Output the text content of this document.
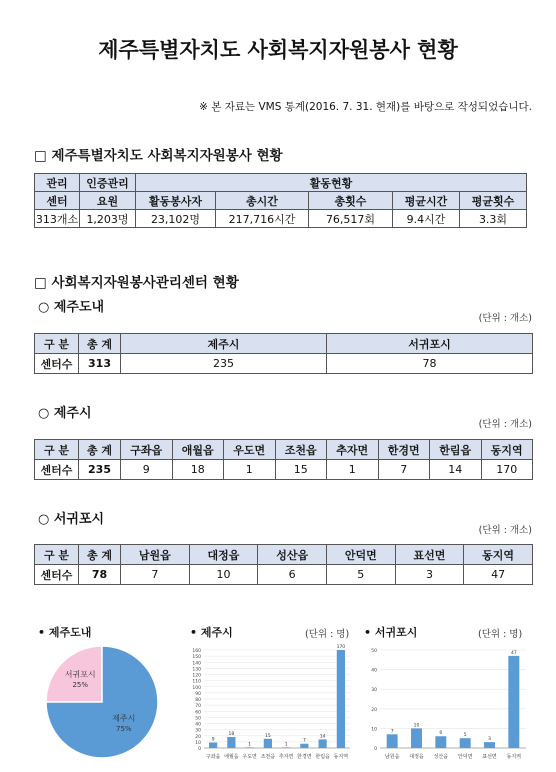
제주특별자치도 사회복지자원봉사 현황
※ 본 자료는 VMS 통계(2016. 7. 31. 현재)를 바탕으로 작성되었습니다.
□ 제주특별자치도 사회복지자원봉사 현황
관리	인증관리	활동현황				
센터	요원	활동봉사자	총시간	총횟수	평균시간	평균횟수
313개소	1,203명	23,102명	217,716시간	76,517회	9.4시간	3.3회
□ 사회복지자원봉사관리센터 현황
○ 제주도내
(단위 : 개소)
구 분	총 계	제주시	서귀포시
센터수	313	235	78
○ 제주시
(단위 : 개소)
구 분	총 계	구좌읍	애월읍	우도면	조천읍	추자면	한경면	한림읍	동지역
센터수	235	9	18	1	15	1	7	14	170
○ 서귀포시
(단위 : 개소)
구 분	총 계	남원읍	대정읍	성산읍	안덕면	표선면	동지역
센터수	78	7	10	6	5	3	47
• 제주도내
서귀포시
25%
제주시
75%
• 제주시	(단위 : 명)
0
10
20
30
40
50
60
70
80
90
100
110
120
130
140
150
160
9
구좌읍
18
애월읍
1
우도면
15
조천읍
1
추자면
7
한경면
14
한림읍
170
동지역
• 서귀포시	(단위 : 명)
0
10
20
30
40
50
7
남원읍
10
대정읍
6
성산읍
5
안덕면
3
표선면
47
동지역
